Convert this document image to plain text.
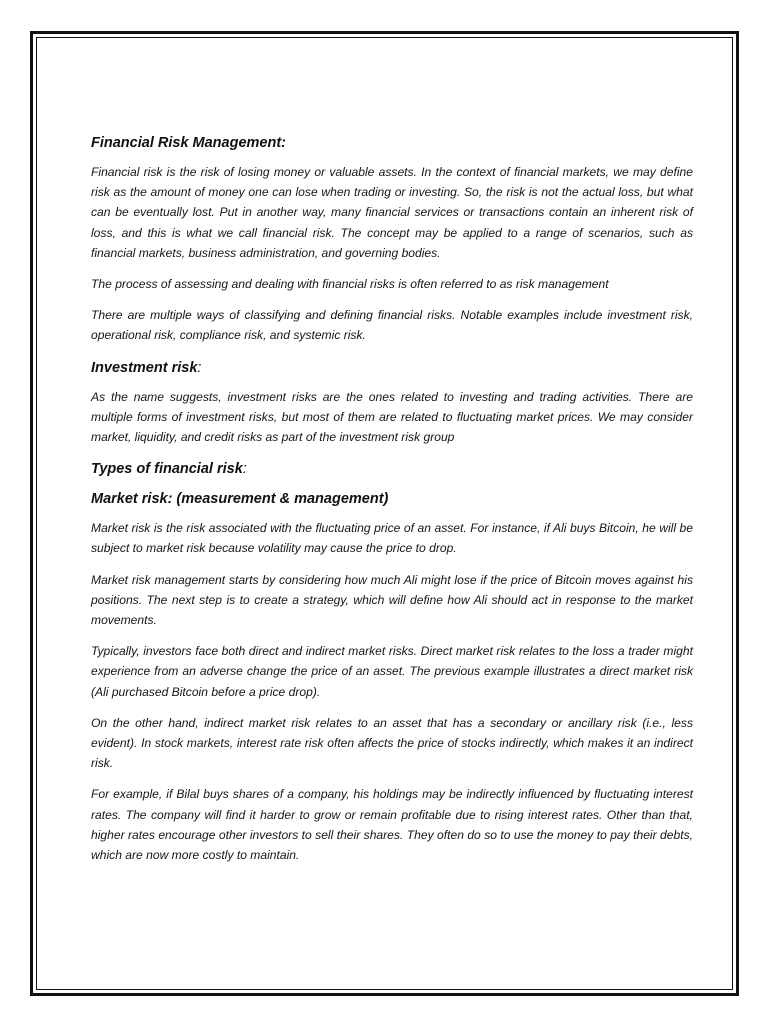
Financial Risk Management:

Financial risk is the risk of losing money or valuable assets. In the context of financial markets, we may define risk as the amount of money one can lose when trading or investing. So, the risk is not the actual loss, but what can be eventually lost. Put in another way, many financial services or transactions contain an inherent risk of loss, and this is what we call financial risk. The concept may be applied to a range of scenarios, such as financial markets, business administration, and governing bodies.

The process of assessing and dealing with financial risks is often referred to as risk management

There are multiple ways of classifying and defining financial risks. Notable examples include investment risk, operational risk, compliance risk, and systemic risk.

Investment risk:

As the name suggests, investment risks are the ones related to investing and trading activities. There are multiple forms of investment risks, but most of them are related to fluctuating market prices. We may consider market, liquidity, and credit risks as part of the investment risk group

Types of financial risk:
Market risk: (measurement & management)

Market risk is the risk associated with the fluctuating price of an asset. For instance, if Ali buys Bitcoin, he will be subject to market risk because volatility may cause the price to drop.

Market risk management starts by considering how much Ali might lose if the price of Bitcoin moves against his positions. The next step is to create a strategy, which will define how Ali should act in response to the market movements.

Typically, investors face both direct and indirect market risks. Direct market risk relates to the loss a trader might experience from an adverse change the price of an asset. The previous example illustrates a direct market risk (Ali purchased Bitcoin before a price drop).

On the other hand, indirect market risk relates to an asset that has a secondary or ancillary risk (i.e., less evident). In stock markets, interest rate risk often affects the price of stocks indirectly, which makes it an indirect risk.

For example, if Bilal buys shares of a company, his holdings may be indirectly influenced by fluctuating interest rates. The company will find it harder to grow or remain profitable due to rising interest rates. Other than that, higher rates encourage other investors to sell their shares. They often do so to use the money to pay their debts, which are now more costly to maintain.
